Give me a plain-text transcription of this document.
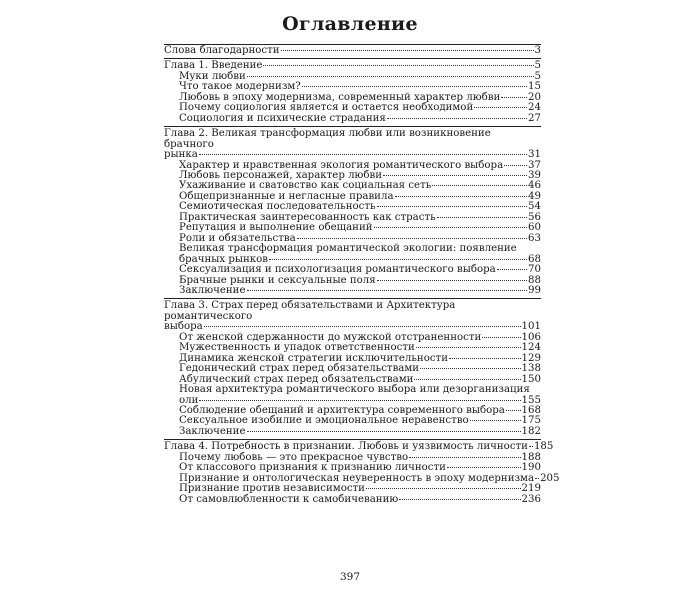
Оглавление
Слова благодарности	3
Глава 1. Введение	5
Муки любви	5
Что такое модернизм?	15
Любовь в эпоху модернизма, современный характер любви	20
Почему социология является и остается необходимой	24
Социология и психические страдания	27
Глава 2. Великая трансформация любви или возникновение брачного
рынка	31
Характер и нравственная экология романтического выбора 37
Любовь персонажей, характер любви	39
Ухаживание и сватовство как социальная сеть	46
Общепризнанные и негласные правила	49
Семиотическая последовательность	54
Практическая заинтересованность как страсть	56
Репутация и выполнение обещаний	60
Роли и обязательства	63
Великая трансформация романтической экологии: появление
брачных рынков	68
Сексуализация и психологизация романтического выбора	70
Брачные рынки и сексуальные поля	88
Заключение	99
Глава 3. Страх перед обязательствами и Архитектура романтического
выбора	101
От женской сдержанности до мужской отстраненности	106
Мужественность и упадок ответственности	124
Динамика женской стратегии исключительности	129
Гедонический страх перед обязательствами	138
Абулический страх перед обязательствами	150
Новая архитектура романтического выбора или дезорганизация
оли	155
Соблюдение обещаний и архитектура современного выбора 168
Сексуальное изобилие и эмоциональное неравенство	175
Заключение	182
Глава 4. Потребность в признании. Любовь и уязвимость личности 185
Почему любовь — это прекрасное чувство	188
От классового признания к признанию личности	190
Признание и онтологическая неуверенность в эпоху модернизма 205
Признание против независимости	219
От самовлюбленности к самобичеванию	236
397
